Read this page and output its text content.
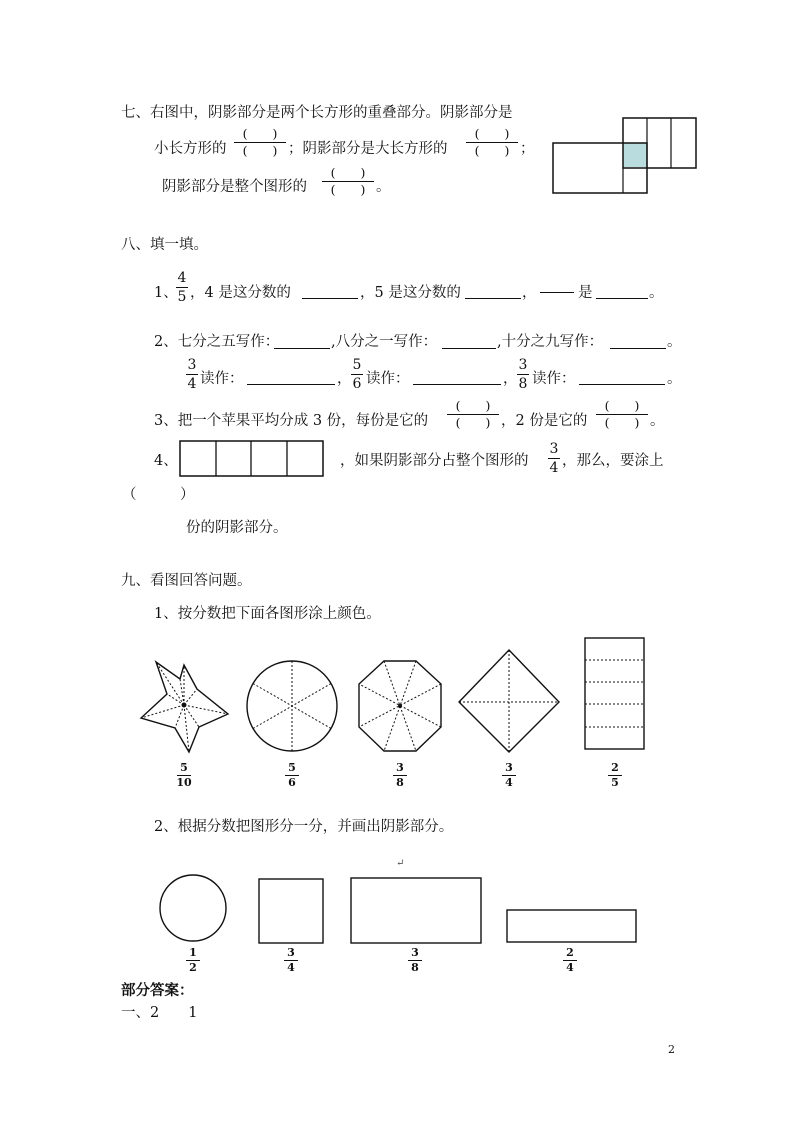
七、右图中，阴影部分是两个长方形的重叠部分。阴影部分是
小长方形的
(　　)
(　　) ；阴影部分是大长方形的
(　　)
(　　) ；
阴影部分是整个图形的
(　　)
(　　) 。
八、填一填。
1、
4
5 ，4 是这分数的	，5 是这分数的	，	是	。
2、七分之五写作：	,八分之一写作：	,十分之九写作：	。
3
4 读作：	，
5
6 读作：	，
3
8 读作：	。
3、把一个苹果平均分成 3 份，每份是它的
(　　)
(　　) ，2 份是它的
(　　)
(　　) 。
4、	，如果阴影部分占整个图形的
3
4 ，那么，要涂上
（　　　）
份的阴影部分。
九、看图回答问题。
1、按分数把下面各图形涂上颜色。
5
10
5
6
3
8
3
4
2
5
2、根据分数把图形分一分，并画出阴影部分。
↵
1
2
3
4
3
8
2
4
部分答案：
一、2　　1
2
